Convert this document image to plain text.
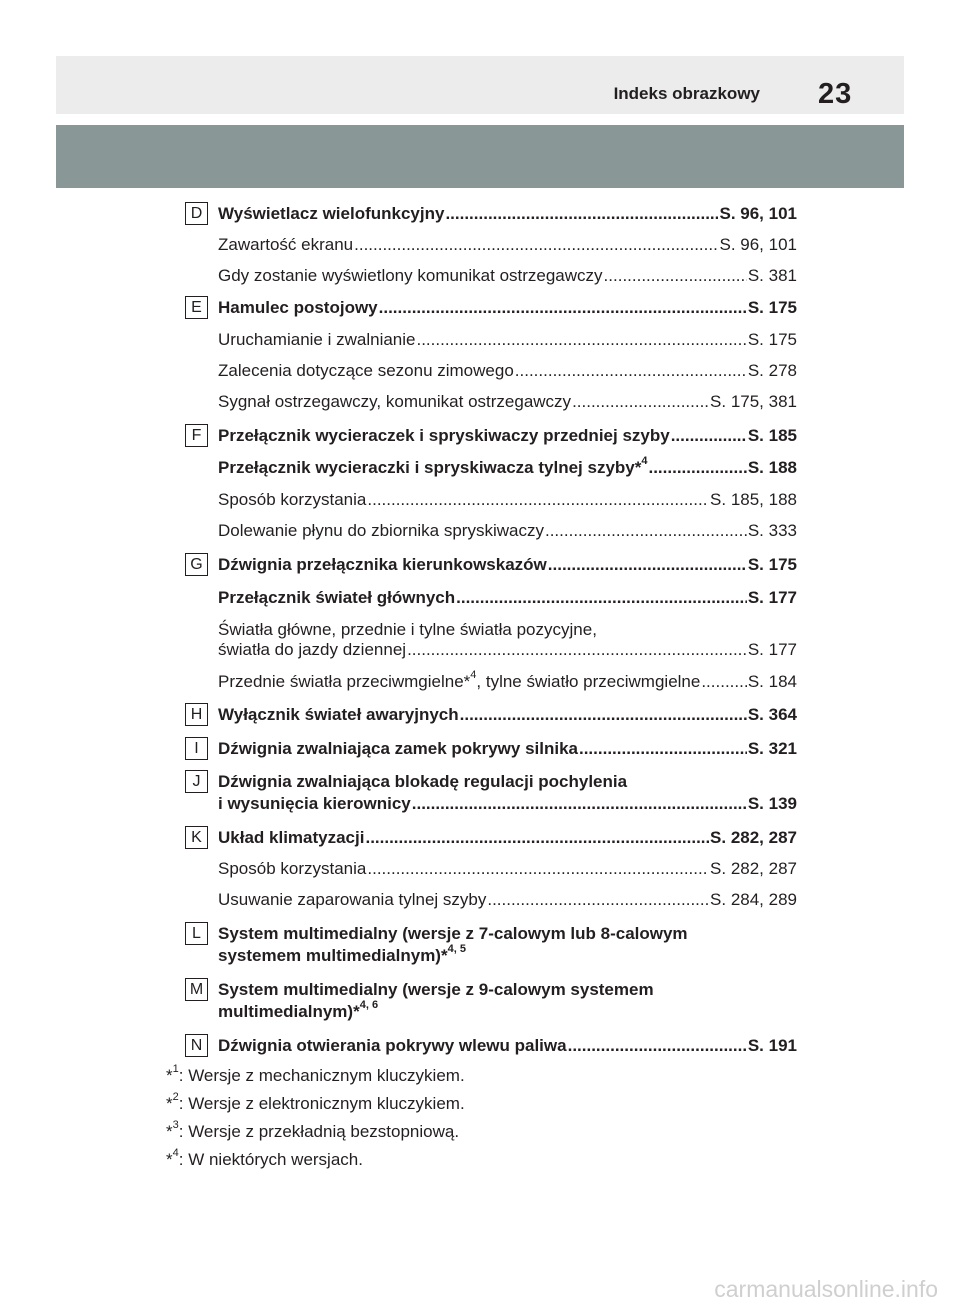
Indeks obrazkowy 23
D Wyświetlacz wielofunkcyjny .....	S. 96, 101
Zawartość ekranu .....	S. 96, 101
Gdy zostanie wyświetlony komunikat ostrzegawczy .....	S. 381
E Hamulec postojowy .....	S. 175
Uruchamianie i zwalnianie .....	S. 175
Zalecenia dotyczące sezonu zimowego .....	S. 278
Sygnał ostrzegawczy, komunikat ostrzegawczy .....	S. 175, 381
F Przełącznik wycieraczek i spryskiwaczy przedniej szyby .....	S. 185
Przełącznik wycieraczki i spryskiwacza tylnej szyby*$^4$ .....	S. 188
Sposób korzystania .....	S. 185, 188
Dolewanie płynu do zbiornika spryskiwaczy .....	S. 333
G Dźwignia przełącznika kierunkowskazów .....	S. 175
Przełącznik świateł głównych .....	S. 177
Światła główne, przednie i tylne światła pozycyjne,
światła do jazdy dziennej .....	S. 177
Przednie światła przeciwmgielne*$^4$, tylne światło przeciwmgielne .....	S. 184
H Wyłącznik świateł awaryjnych .....	S. 364
I	Dźwignia zwalniająca zamek pokrywy silnika .....	S. 321
J	Dźwignia zwalniająca blokadę regulacji pochylenia
i wysunięcia kierownicy .....	S. 139
K Układ klimatyzacji .....	S. 282, 287
Sposób korzystania .....	S. 282, 287
Usuwanie zaparowania tylnej szyby .....	S. 284, 289
L	System multimedialny (wersje z 7-calowym lub 8-calowym
systemem multimedialnym)*$^{4, 5}$
M System multimedialny (wersje z 9-calowym systemem
multimedialnym)*$^{4, 6}$
N Dźwignia otwierania pokrywy wlewu paliwa .....	S. 191
*$^1$: Wersje z mechanicznym kluczykiem.
*$^2$: Wersje z elektronicznym kluczykiem.
*$^3$: Wersje z przekładnią bezstopniową.
*$^4$: W niektórych wersjach.
carmanualsonline.info
